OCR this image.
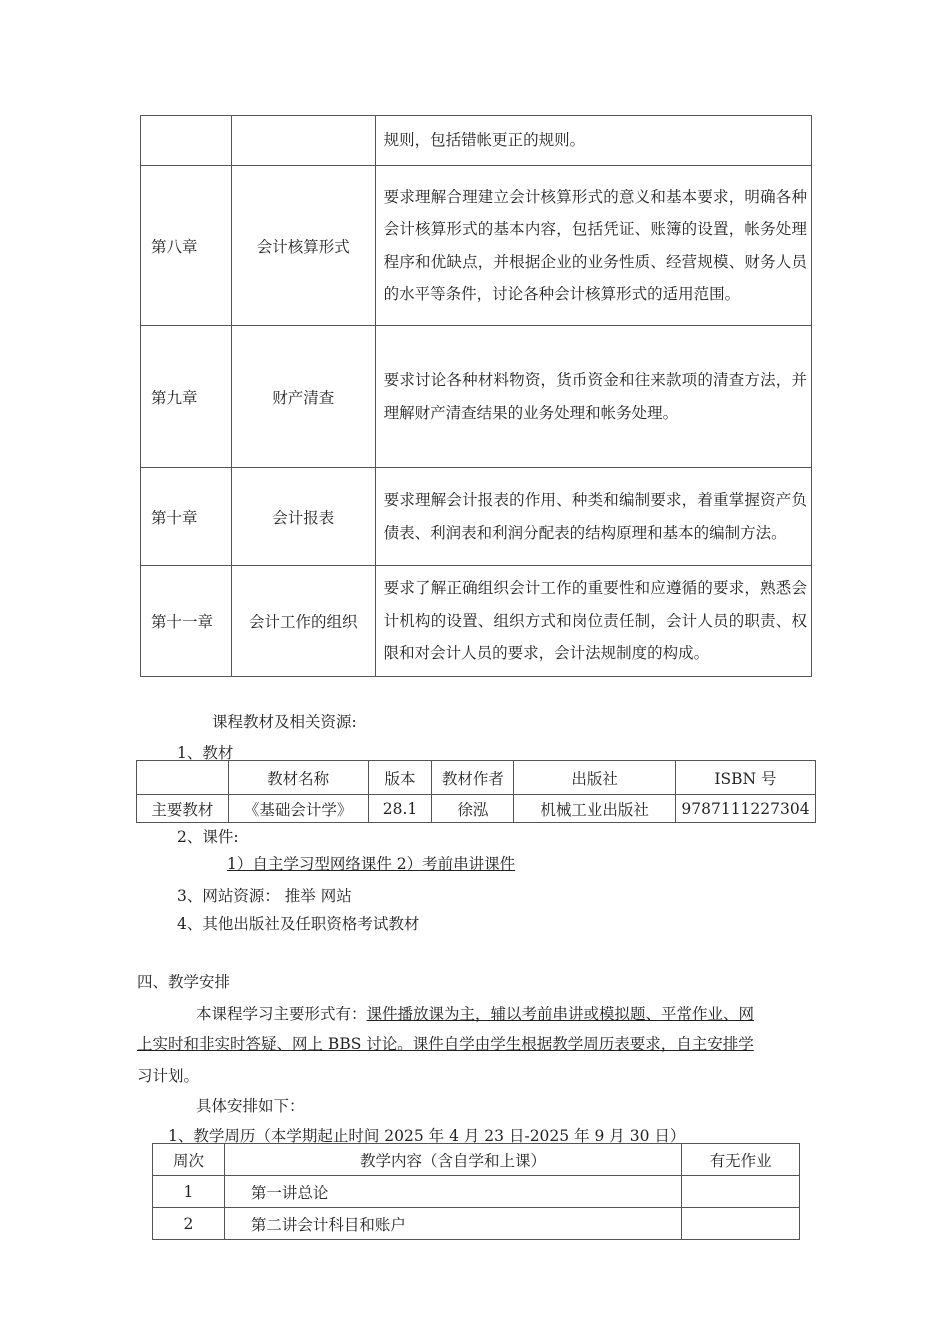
		规则，包括错帐更正的规则。
第八章	会计核算形式	要求理解合理建立会计核算形式的意义和基本要求，明确各种会计核算形式的基本内容，包括凭证、账簿的设置，帐务处理程序和优缺点，并根据企业的业务性质、经营规模、财务人员的水平等条件，讨论各种会计核算形式的适用范围。
第九章	财产清查	要求讨论各种材料物资，货币资金和往来款项的清查方法，并理解财产清查结果的业务处理和帐务处理。
第十章	会计报表	要求理解会计报表的作用、种类和编制要求，着重掌握资产负债表、利润表和利润分配表的结构原理和基本的编制方法。
第十一章	会计工作的组织	要求了解正确组织会计工作的重要性和应遵循的要求，熟悉会计机构的设置、组织方式和岗位责任制，会计人员的职责、权限和对会计人员的要求，会计法规制度的构成。
课程教材及相关资源:
1、教材
	教材名称	版本	教材作者	出版社	ISBN 号
主要教材	《基础会计学》	28.1	徐泓	机械工业出版社	9787111227304
2、课件:
1）自主学习型网络课件 2）考前串讲课件
3、网站资源： 推举 网站
4、其他出版社及任职资格考试教材
四、教学安排
本课程学习主要形式有：课件播放课为主，辅以考前串讲或模拟题、平常作业、网
上实时和非实时答疑、网上 BBS 讨论。课件自学由学生根据教学周历表要求，自主安排学
习计划。
具体安排如下：
1、教学周历（本学期起止时间 2025 年 4 月 23 日-2025 年 9 月 30 日）
周次	教学内容（含自学和上课）	有无作业
1	第一讲总论	
2	第二讲会计科目和账户	
